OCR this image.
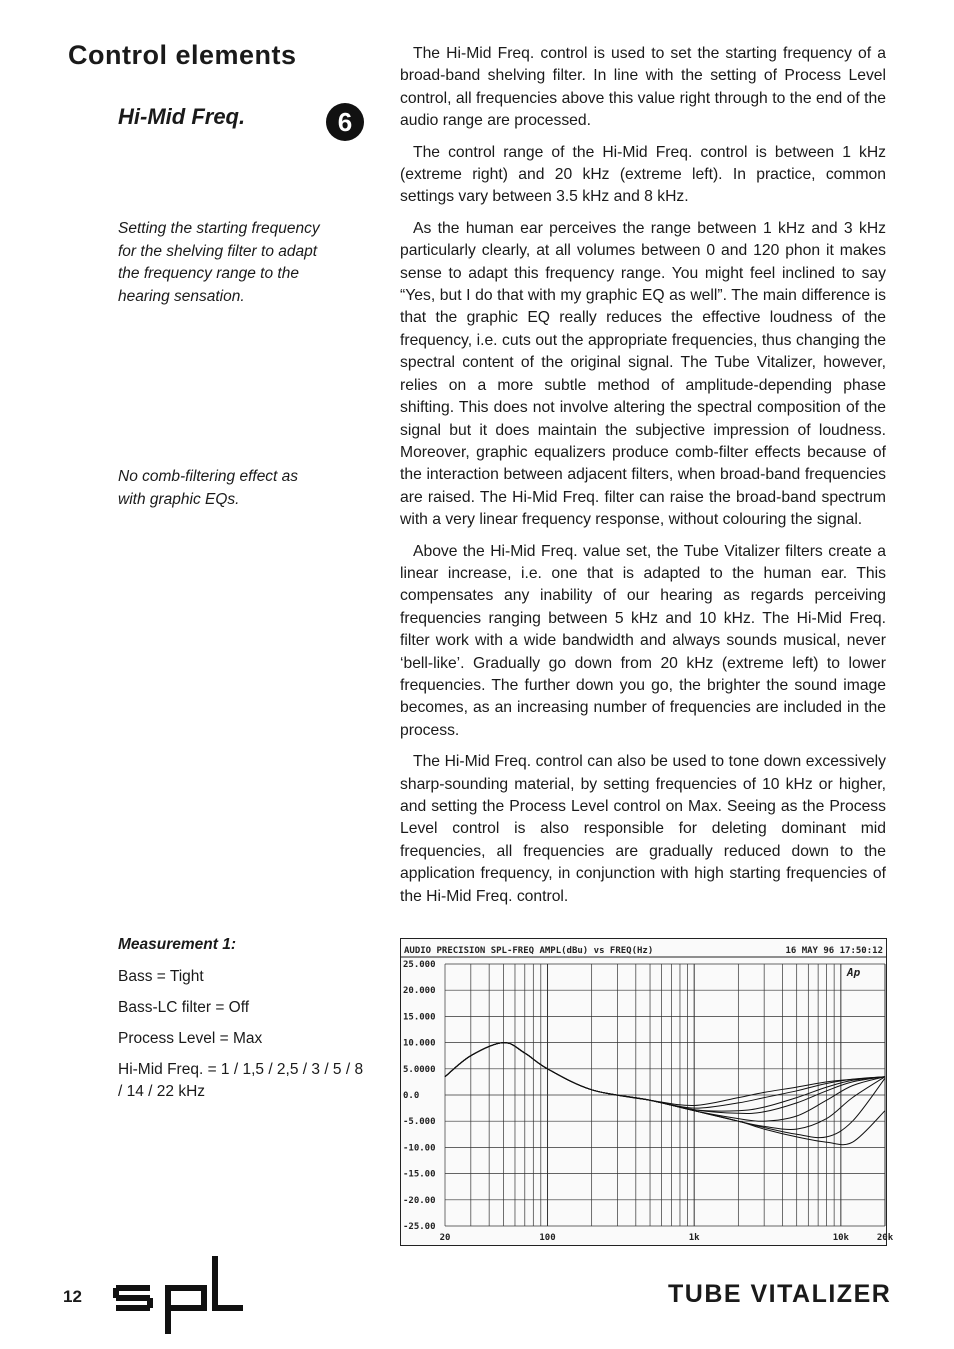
Control elements
Hi-Mid Freq.	6

Setting the starting frequency for the shelving filter to adapt the frequency range to the hearing sensation.

No comb-filtering effect as with graphic EQs.

Measurement 1:

Bass = Tight

Bass-LC filter = Off

Process Level = Max

Hi-Mid Freq. = 1 / 1,5 / 2,5 / 3 / 5 / 8 / 14 / 22 kHz

The Hi-Mid Freq. control is used to set the starting frequency of a broad-band shelving filter. In line with the setting of Process Level control, all frequencies above this value right through to the end of the audio range are processed.

The control range of the Hi-Mid Freq. control is between 1 kHz (extreme right) and 20 kHz (extreme left). In practice, common settings vary between 3.5 kHz and 8 kHz.

As the human ear perceives the range between 1 kHz and 3 kHz particularly clearly, at all volumes between 0 and 120 phon it makes sense to adapt this frequency range. You might feel inclined to say “Yes, but I do that with my graphic EQ as well”. The main difference is that the graphic EQ really reduces the effective loudness of the frequency, i.e. cuts out the appropriate frequencies, thus changing the spectral content of the original signal. The Tube Vitalizer, however, relies on a more subtle method of amplitude-depending phase shifting. This does not involve altering the spectral composition of the signal but it does maintain the subjective impression of loudness. Moreover, graphic equalizers produce comb-filter effects because of the interaction between adjacent filters, when broad-band frequencies are raised. The Hi-Mid Freq. filter can raise the broad-band spectrum with a very linear frequency response, without colouring the signal.

Above the Hi-Mid Freq. value set, the Tube Vitalizer filters create a linear increase, i.e. one that is adapted to the human ear. This compensates any inability of our hearing as regards perceiving frequencies ranging between 5 kHz and 10 kHz. The Hi-Mid Freq. filter work with a wide bandwidth and always sounds musical, never ‘bell-like’. Gradually go down from 20 kHz (extreme left) to lower frequencies. The further down you go, the brighter the sound image becomes, as an increasing number of frequencies are included in the process.

The Hi-Mid Freq. control can also be used to tone down excessively sharp-sounding material, by setting frequencies of 10 kHz or higher, and setting the Process Level control on Max. Seeing as the Process Level control is also responsible for deleting dominant mid frequencies, all frequencies are gradually reduced down to the application frequency, in conjunction with high starting frequencies of the Hi-Mid Freq. control.

AUDIO PRECISION SPL-FREQ AMPL(dBu) vs FREQ(Hz)	16 MAY 96 17:50:12
25.000
20.000
15.000
10.000
5.0000
0.0
-5.000
-10.00
-15.00
-20.00
-25.00
20	100	1k	10k	20k
Ap
12	TUBE VITALIZER
